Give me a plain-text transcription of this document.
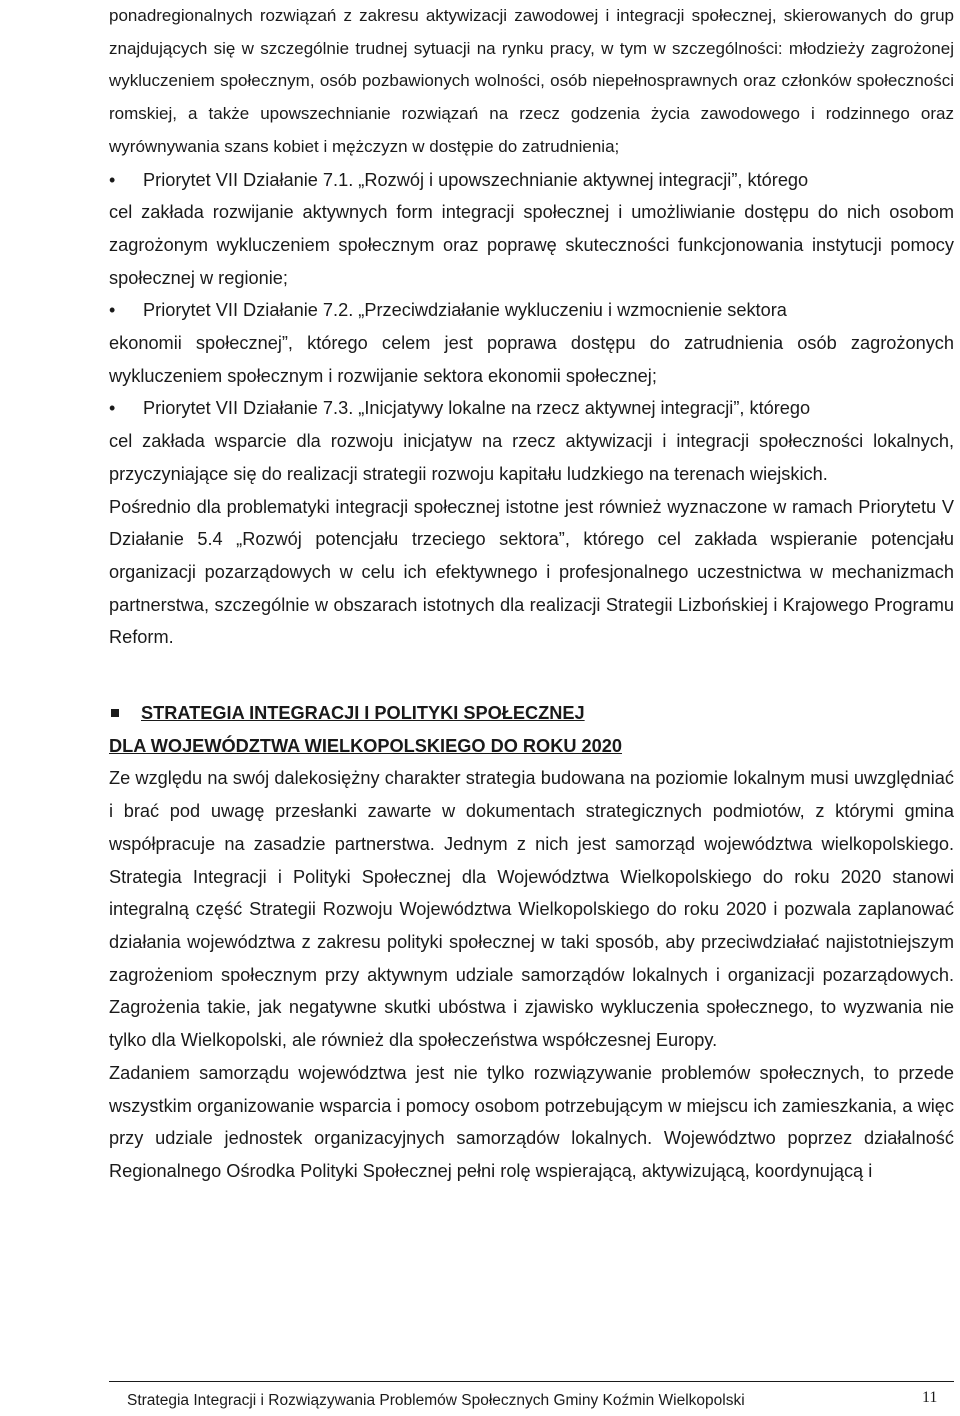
ponadregionalnych rozwiązań z zakresu aktywizacji zawodowej i integracji społecznej, skierowanych do grup znajdujących się w szczególnie trudnej sytuacji na rynku pracy, w tym w szczególności: młodzieży zagrożonej wykluczeniem społecznym, osób pozbawionych wolności, osób niepełnosprawnych oraz członków społeczności romskiej, a także upowszechnianie rozwiązań na rzecz godzenia życia zawodowego i rodzinnego oraz wyrównywania szans kobiet i mężczyzn w dostępie do zatrudnienia;

•	Priorytet VII Działanie 7.1. „Rozwój i upowszechnianie aktywnej integracji”, którego

cel zakłada rozwijanie aktywnych form integracji społecznej i umożliwianie dostępu do nich osobom zagrożonym wykluczeniem społecznym oraz poprawę skuteczności funkcjonowania instytucji pomocy społecznej w regionie;

•	Priorytet VII Działanie 7.2. „Przeciwdziałanie wykluczeniu i wzmocnienie sektora

ekonomii społecznej”, którego celem jest poprawa dostępu do zatrudnienia osób zagrożonych wykluczeniem społecznym i rozwijanie sektora ekonomii społecznej;

•	Priorytet VII Działanie 7.3. „Inicjatywy lokalne na rzecz aktywnej integracji”, którego

cel zakłada wsparcie dla rozwoju inicjatyw na rzecz aktywizacji i integracji społeczności lokalnych, przyczyniające się do realizacji strategii rozwoju kapitału ludzkiego na terenach wiejskich.

Pośrednio dla problematyki integracji społecznej istotne jest również wyznaczone w ramach Priorytetu V Działanie 5.4 „Rozwój potencjału trzeciego sektora”, którego cel zakłada wspieranie potencjału organizacji pozarządowych w celu ich efektywnego i profesjonalnego uczestnictwa w mechanizmach partnerstwa, szczególnie w obszarach istotnych dla realizacji Strategii Lizbońskiej i Krajowego Programu Reform.

STRATEGIA INTEGRACJI I POLITYKI SPOŁECZNEJ
DLA WOJEWÓDZTWA WIELKOPOLSKIEGO DO ROKU 2020

Ze względu na swój dalekosiężny charakter strategia budowana na poziomie lokalnym musi uwzględniać i brać pod uwagę przesłanki zawarte w dokumentach strategicznych podmiotów, z którymi gmina współpracuje na zasadzie partnerstwa. Jednym z nich jest samorząd województwa wielkopolskiego. Strategia Integracji i Polityki Społecznej dla Województwa Wielkopolskiego do roku 2020 stanowi integralną część Strategii Rozwoju Województwa Wielkopolskiego do roku 2020 i pozwala zaplanować działania województwa z zakresu polityki społecznej w taki sposób, aby przeciwdziałać najistotniejszym zagrożeniom społecznym przy aktywnym udziale samorządów lokalnych i organizacji pozarządowych. Zagrożenia takie, jak negatywne skutki ubóstwa i zjawisko wykluczenia społecznego, to wyzwania nie tylko dla Wielkopolski, ale również dla społeczeństwa współczesnej Europy.

Zadaniem samorządu województwa jest nie tylko rozwiązywanie problemów społecznych, to przede wszystkim organizowanie wsparcia i pomocy osobom potrzebującym w miejscu ich zamieszkania, a więc przy udziale jednostek organizacyjnych samorządów lokalnych. Województwo poprzez działalność Regionalnego Ośrodka Polityki Społecznej pełni rolę wspierającą, aktywizującą, koordynującą i

Strategia Integracji i Rozwiązywania Problemów Społecznych Gminy Koźmin Wielkopolski	11
